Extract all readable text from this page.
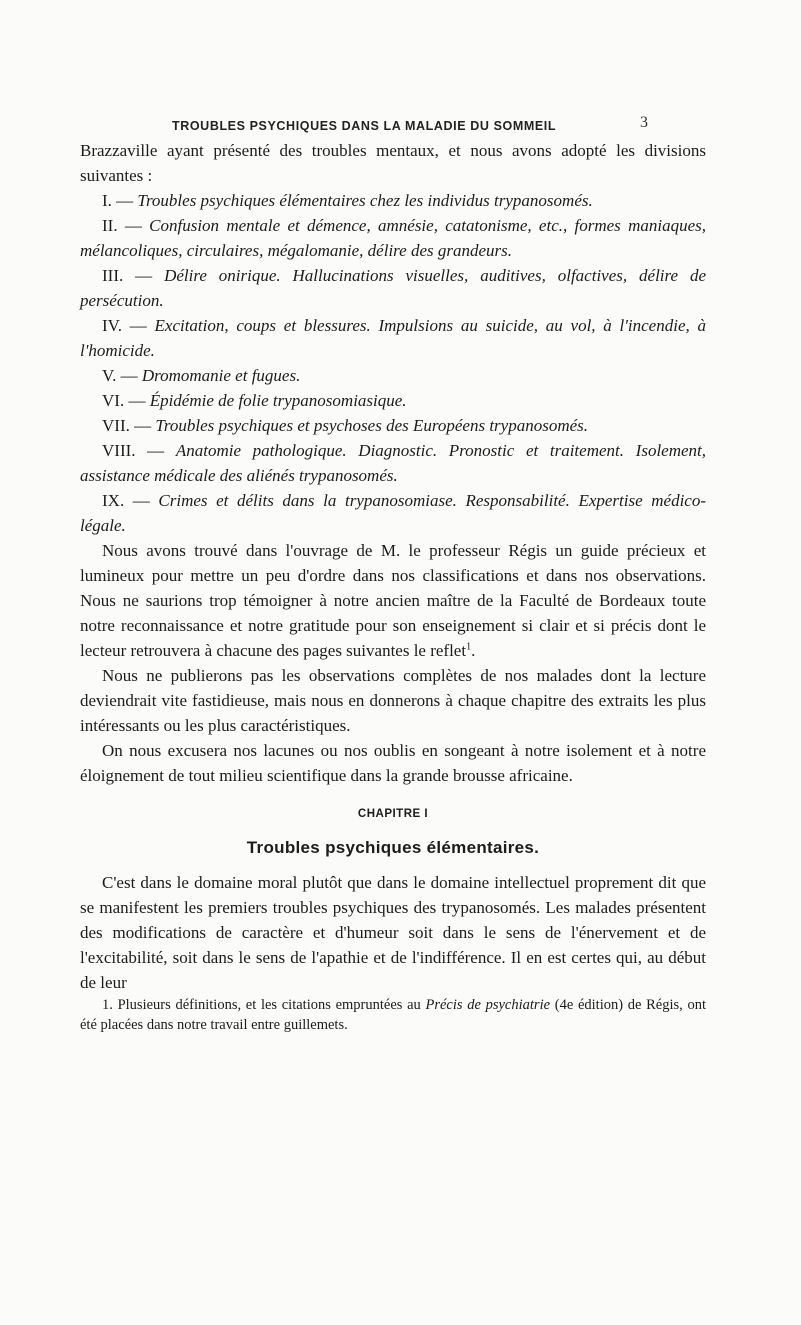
TROUBLES PSYCHIQUES DANS LA MALADIE DU SOMMEIL	3

Brazzaville ayant présenté des troubles mentaux, et nous avons adopté les divisions suivantes :

I. — Troubles psychiques élémentaires chez les individus trypanosomés.

II. — Confusion mentale et démence, amnésie, catatonisme, etc., formes maniaques, mélancoliques, circulaires, mégalomanie, délire des grandeurs.

III. — Délire onirique. Hallucinations visuelles, auditives, olfactives, délire de persécution.

IV. — Excitation, coups et blessures. Impulsions au suicide, au vol, à l'incendie, à l'homicide.

V. — Dromomanie et fugues.

VI. — Épidémie de folie trypanosomiasique.

VII. — Troubles psychiques et psychoses des Européens trypanosomés.

VIII. — Anatomie pathologique. Diagnostic. Pronostic et traitement. Isolement, assistance médicale des aliénés trypanosomés.

IX. — Crimes et délits dans la trypanosomiase. Responsabilité. Expertise médico-légale.

Nous avons trouvé dans l'ouvrage de M. le professeur Régis un guide précieux et lumineux pour mettre un peu d'ordre dans nos classifications et dans nos observations. Nous ne saurions trop témoigner à notre ancien maître de la Faculté de Bordeaux toute notre reconnaissance et notre gratitude pour son enseignement si clair et si précis dont le lecteur retrouvera à chacune des pages suivantes le reflet$^1$.

Nous ne publierons pas les observations complètes de nos malades dont la lecture deviendrait vite fastidieuse, mais nous en donnerons à chaque chapitre des extraits les plus intéressants ou les plus caractéristiques.

On nous excusera nos lacunes ou nos oublis en songeant à notre isolement et à notre éloignement de tout milieu scientifique dans la grande brousse africaine.

CHAPITRE I
Troubles psychiques élémentaires.

C'est dans le domaine moral plutôt que dans le domaine intellectuel proprement dit que se manifestent les premiers troubles psychiques des trypanosomés. Les malades présentent des modifications de caractère et d'humeur soit dans le sens de l'énervement et de l'excitabilité, soit dans le sens de l'apathie et de l'indifférence. Il en est certes qui, au début de leur

1. Plusieurs définitions, et les citations empruntées au Précis de psychiatrie (4e édition) de Régis, ont été placées dans notre travail entre guillemets.
